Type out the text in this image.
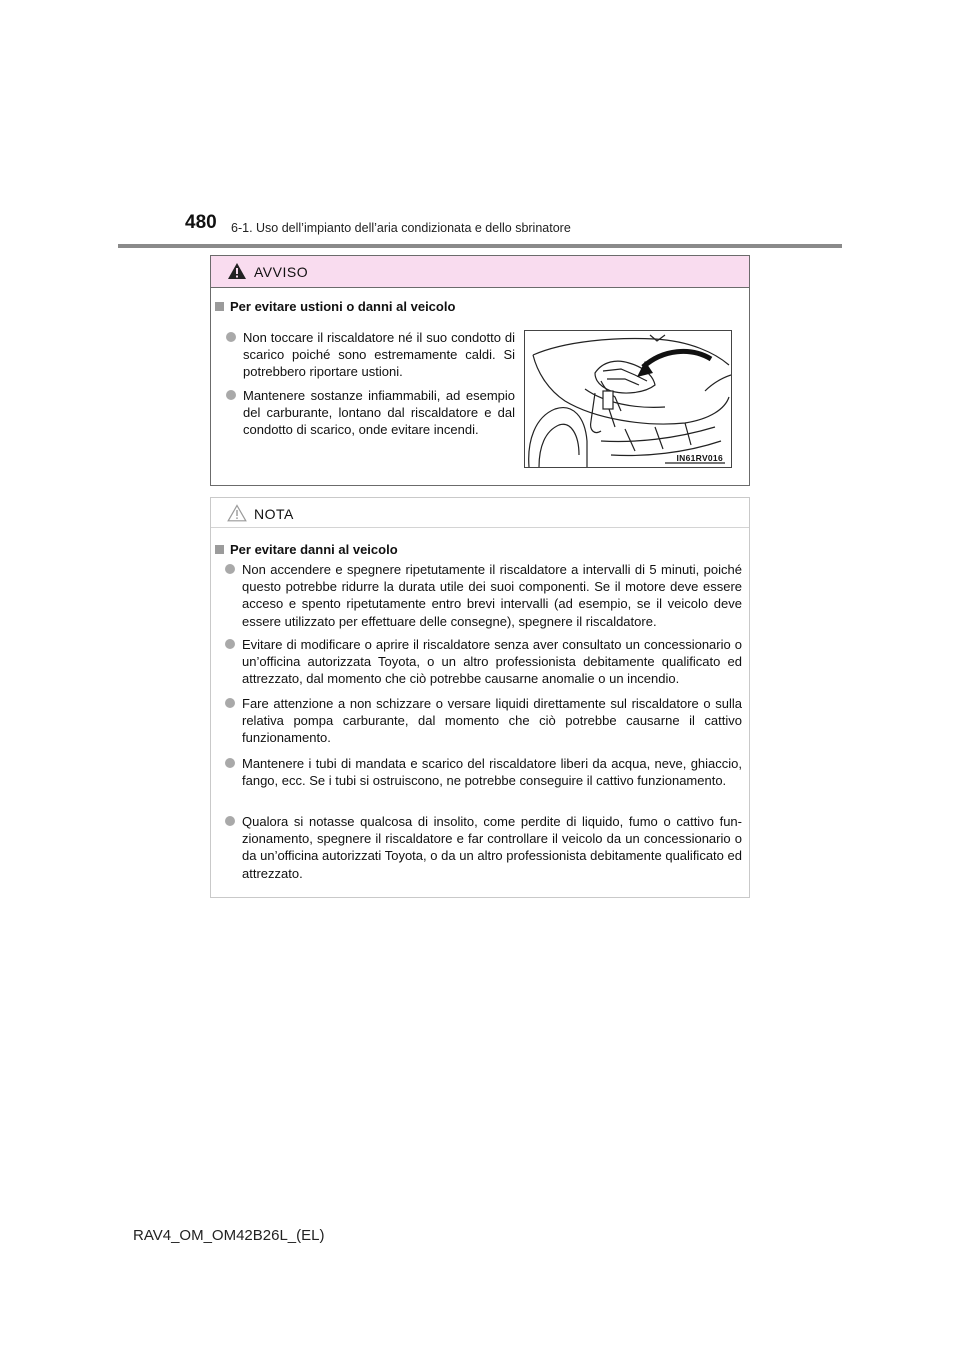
480 6-1. Uso dell’impianto dell’aria condizionata e dello sbrinatore
AVVISO
Per evitare ustioni o danni al veicolo
Non toccare il riscaldatore né il suo condotto di scarico poiché sono estremamente caldi. Si potrebbero riportare ustioni.
Mantenere sostanze infiammabili, ad esempio del carburante, lontano dal riscaldatore e dal condotto di scarico, onde evitare incendi.
IN61RV016
NOTA
Per evitare danni al veicolo
Non accendere e spegnere ripetutamente il riscaldatore a intervalli di 5 minuti, poiché questo potrebbe ridurre la durata utile dei suoi componenti. Se il motore deve essere acceso e spento ripetutamente entro brevi intervalli (ad esempio, se il veicolo deve essere utilizzato per effettuare delle consegne), spegnere il riscaldatore.
Evitare di modificare o aprire il riscaldatore senza aver consultato un concessionario o un’officina autorizzata Toyota, o un altro professionista debitamente qualificato ed attrezzato, dal momento che ciò potrebbe causarne anomalie o un incendio.
Fare attenzione a non schizzare o versare liquidi direttamente sul riscaldatore o sulla relativa pompa carburante, dal momento che ciò potrebbe causarne il cattivo funzionamento.
Mantenere i tubi di mandata e scarico del riscaldatore liberi da acqua, neve, ghiaccio, fango, ecc. Se i tubi si ostruiscono, ne potrebbe conseguire il cattivo funzionamento.
Qualora si notasse qualcosa di insolito, come perdite di liquido, fumo o cattivo funzionamento, spegnere il riscaldatore e far controllare il veicolo da un concessionario o da un’officina autorizzati Toyota, o da un altro professionista debitamente qualificato ed attrezzato.
RAV4_OM_OM42B26L_(EL)
